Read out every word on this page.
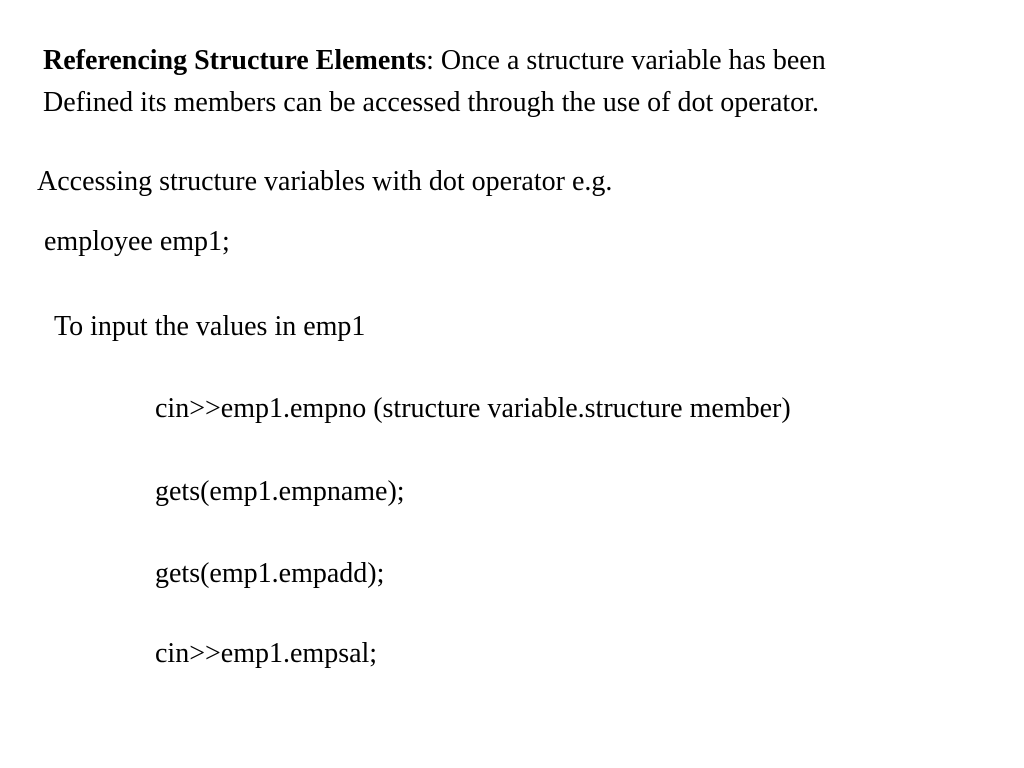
Referencing Structure Elements: Once a structure variable has been
Defined its members can be accessed through the use of dot operator.

Accessing structure variables with dot operator e.g.

employee emp1;

To input the values in emp1

cin>>emp1.empno (structure variable.structure member)

gets(emp1.empname);

gets(emp1.empadd);

cin>>emp1.empsal;
